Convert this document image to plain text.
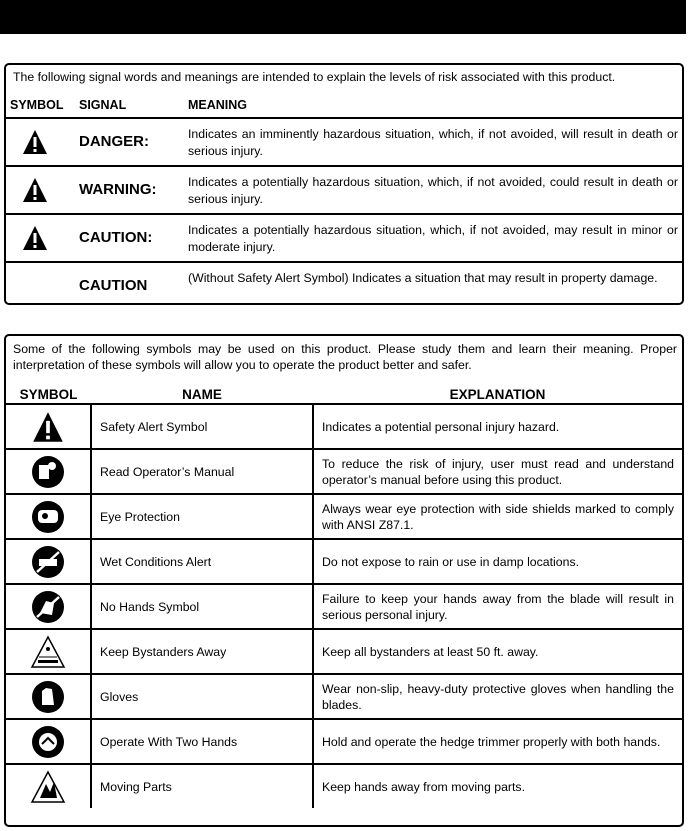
The following signal words and meanings are intended to explain the levels of risk associated with this product.
SYMBOL SIGNAL	MEANING
DANGER:	Indicates an imminently hazardous situation, which, if not avoided, will result in death or serious injury.
WARNING:	Indicates a potentially hazardous situation, which, if not avoided, could result in death or serious injury.
CAUTION:	Indicates a potentially hazardous situation, which, if not avoided, may result in minor or moderate injury.
CAUTION	(Without Safety Alert Symbol) Indicates a situation that may result in property damage.
Some of the following symbols may be used on this product. Please study them and learn their meaning. Proper interpretation of these symbols will allow you to operate the product better and safer.
SYMBOL	NAME	EXPLANATION

	Safety Alert Symbol	Indicates a potential personal injury hazard.

	Read Operator’s Manual	To reduce the risk of injury, user must read and understand operator’s manual before using this product.

	Eye Protection	Always wear eye protection with side shields marked to comply with ANSI Z87.1.

	Wet Conditions Alert	Do not expose to rain or use in damp locations.

	No Hands Symbol	Failure to keep your hands away from the blade will result in serious personal injury.

	Keep Bystanders Away	Keep all bystanders at least 50 ft. away.

	Gloves	Wear non-slip, heavy-duty protective gloves when handling the blades.

	Operate With Two Hands	Hold and operate the hedge trimmer properly with both hands.

	Moving Parts	Keep hands away from moving parts.
